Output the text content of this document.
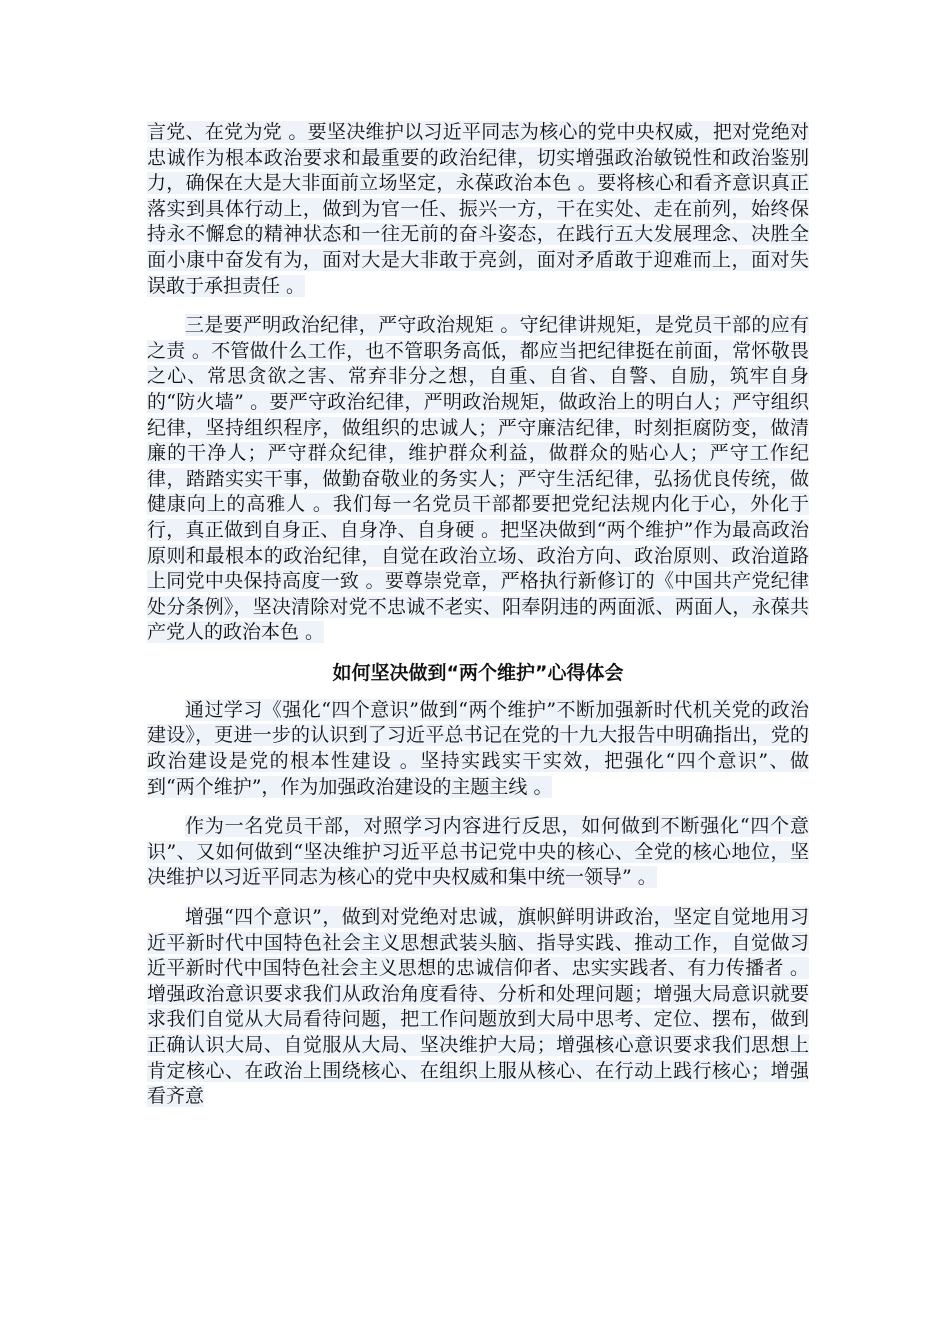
言党、在党为党 。要坚决维护以习近平同志为核心的党中央权威，把对党绝对忠诚作为根本政治要求和最重要的政治纪律，切实增强政治敏锐性和政治鉴别力，确保在大是大非面前立场坚定，永葆政治本色 。要将核心和看齐意识真正落实到具体行动上，做到为官一任、振兴一方，干在实处、走在前列，始终保持永不懈怠的精神状态和一往无前的奋斗姿态，在践行五大发展理念、决胜全面小康中奋发有为，面对大是大非敢于亮剑，面对矛盾敢于迎难而上，面对失误敢于承担责任 。

三是要严明政治纪律，严守政治规矩 。守纪律讲规矩，是党员干部的应有之责 。不管做什么工作，也不管职务高低，都应当把纪律挺在前面，常怀敬畏之心、常思贪欲之害、常弃非分之想，自重、自省、自警、自励，筑牢自身的“防火墙” 。要严守政治纪律，严明政治规矩，做政治上的明白人；严守组织纪律，坚持组织程序，做组织的忠诚人；严守廉洁纪律，时刻拒腐防变，做清廉的干净人；严守群众纪律，维护群众利益，做群众的贴心人；严守工作纪律，踏踏实实干事，做勤奋敬业的务实人；严守生活纪律，弘扬优良传统，做健康向上的高雅人 。我们每一名党员干部都要把党纪法规内化于心，外化于行，真正做到自身正、自身净、自身硬 。把坚决做到“两个维护”作为最高政治原则和最根本的政治纪律，自觉在政治立场、政治方向、政治原则、政治道路上同党中央保持高度一致 。要尊崇党章，严格执行新修订的《中国共产党纪律处分条例》，坚决清除对党不忠诚不老实、阳奉阴违的两面派、两面人，永葆共产党人的政治本色 。

如何坚决做到“两个维护”心得体会

通过学习《强化“四个意识”做到“两个维护”不断加强新时代机关党的政治建设》，更进一步的认识到了习近平总书记在党的十九大报告中明确指出，党的政治建设是党的根本性建设 。坚持实践实干实效，把强化“四个意识”、做到“两个维护”，作为加强政治建设的主题主线 。

作为一名党员干部，对照学习内容进行反思，如何做到不断强化“四个意识”、又如何做到“坚决维护习近平总书记党中央的核心、全党的核心地位，坚决维护以习近平同志为核心的党中央权威和集中统一领导” 。

增强“四个意识”，做到对党绝对忠诚，旗帜鲜明讲政治，坚定自觉地用习近平新时代中国特色社会主义思想武装头脑、指导实践、推动工作，自觉做习近平新时代中国特色社会主义思想的忠诚信仰者、忠实实践者、有力传播者 。增强政治意识要求我们从政治角度看待、分析和处理问题；增强大局意识就要求我们自觉从大局看待问题，把工作问题放到大局中思考、定位、摆布，做到正确认识大局、自觉服从大局、坚决维护大局；增强核心意识要求我们思想上肯定核心、在政治上围绕核心、在组织上服从核心、在行动上践行核心；增强看齐意
